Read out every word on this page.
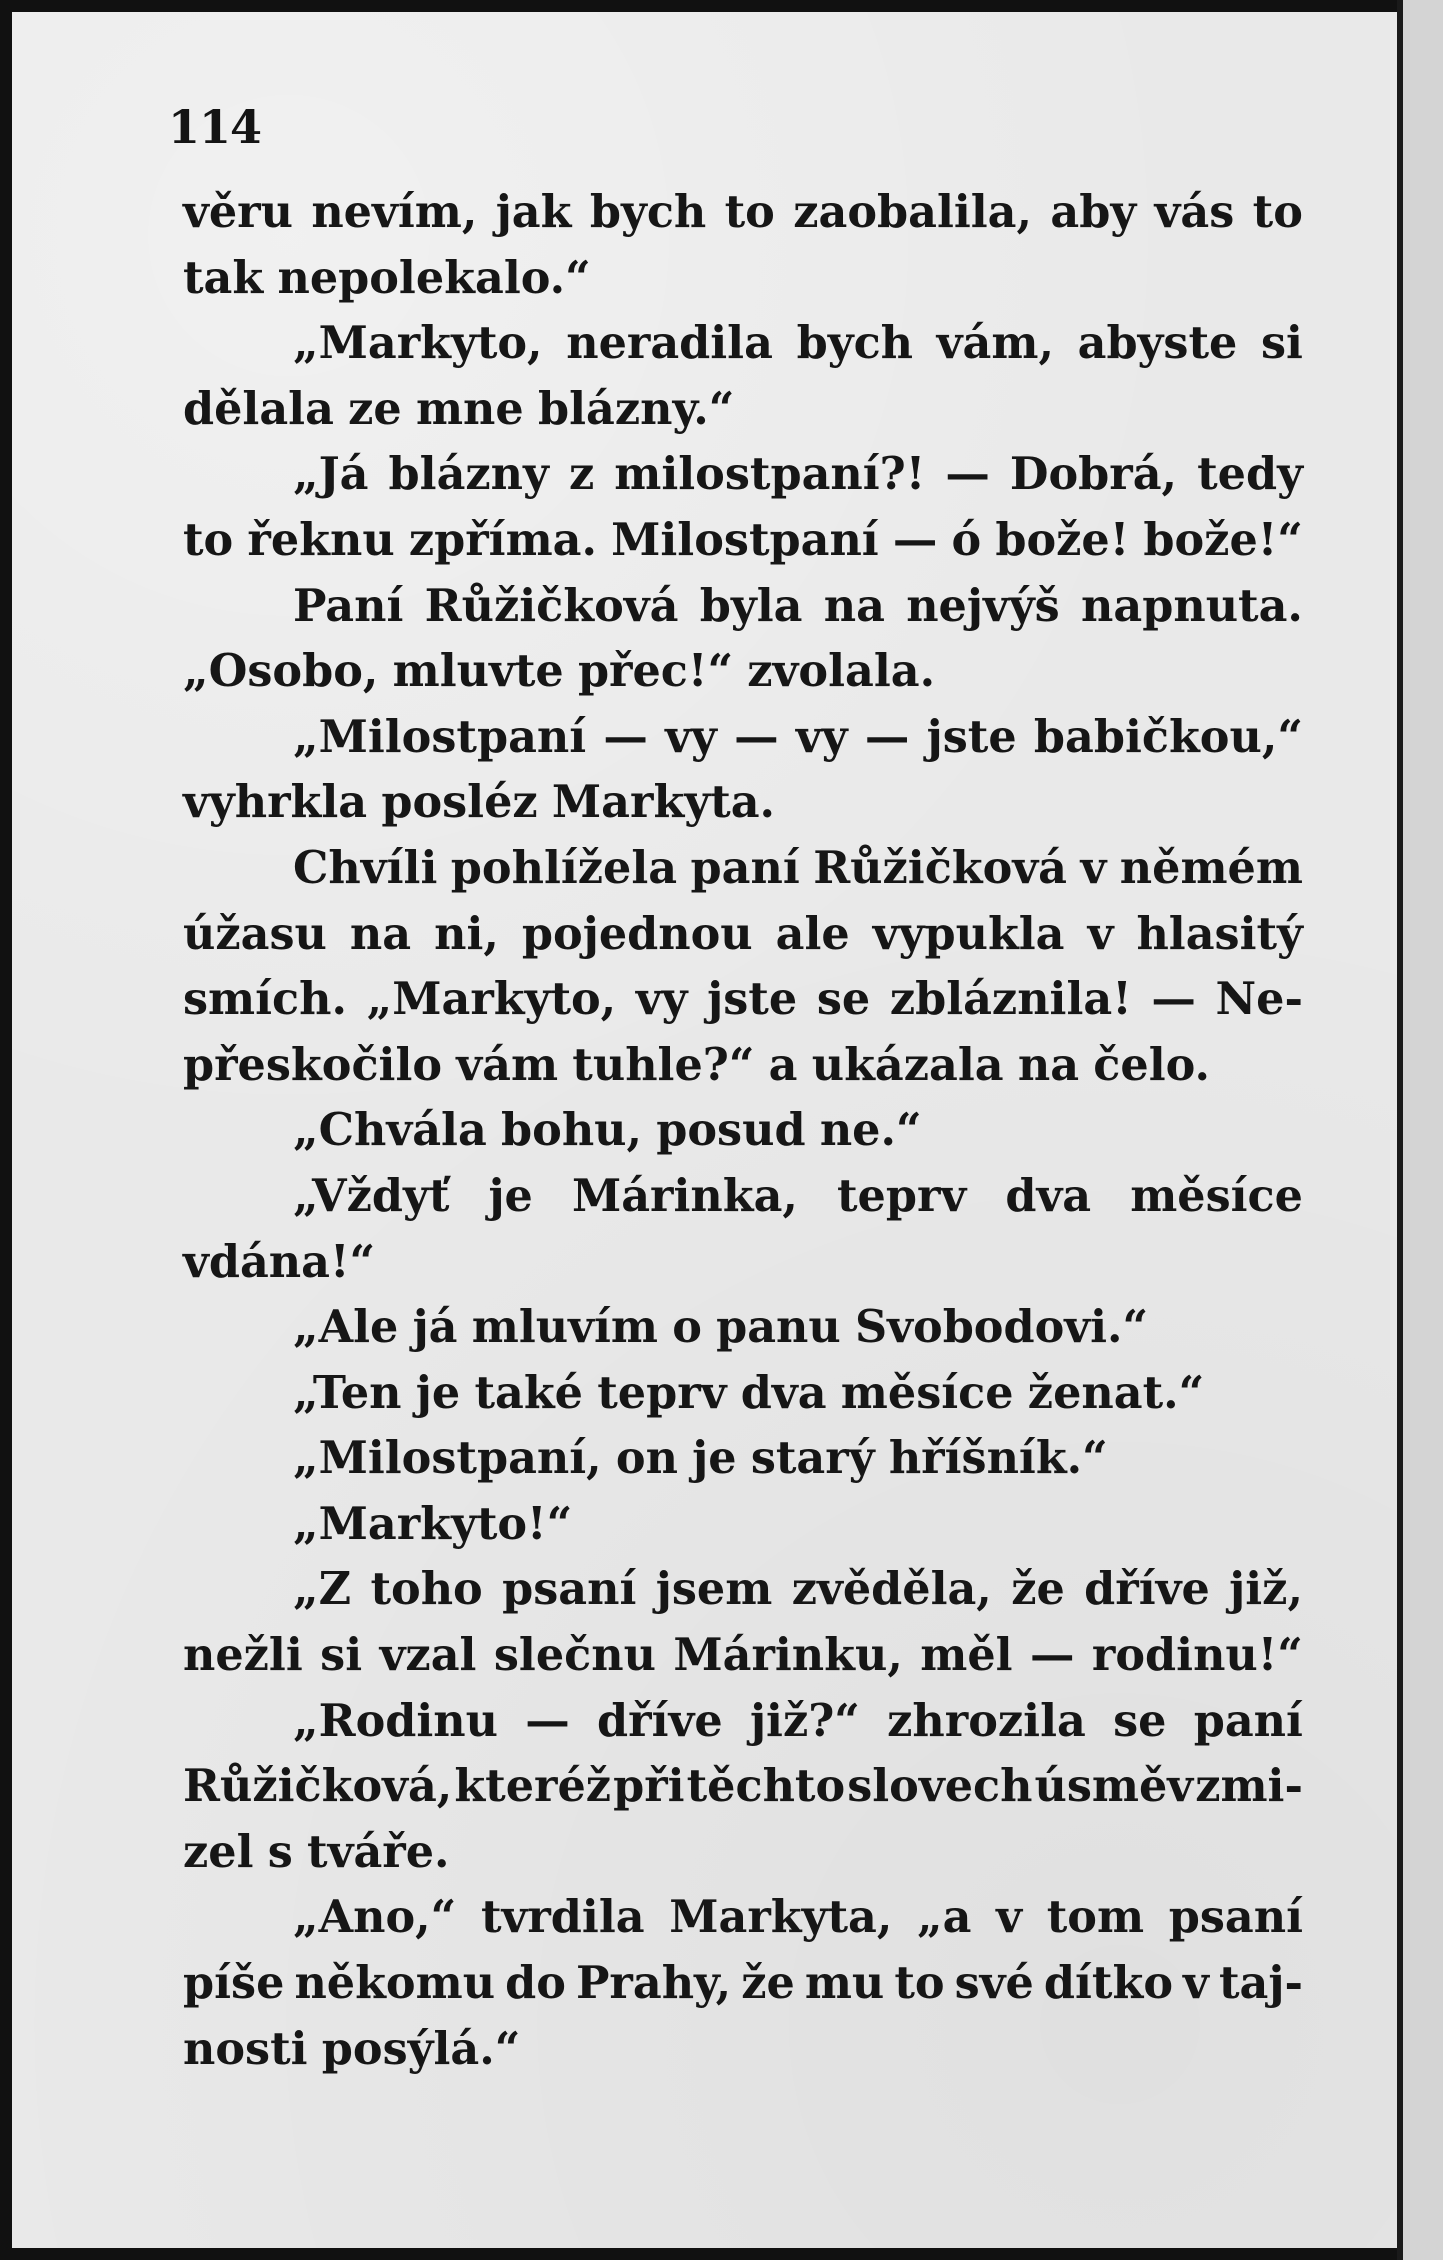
114
věru nevím, jak bych to zaobalila, aby vás to
tak nepolekalo.“
„Markyto, neradila bych vám, abyste si
dělala ze mne blázny.“
„Já blázny z milostpaní?! — Dobrá, tedy
to řeknu zpříma. Milostpaní — ó bože! bože!“
Paní Růžičková byla na nejvýš napnuta.
„Osobo, mluvte přec!“ zvolala.
„Milostpaní — vy — vy — jste babičkou,“
vyhrkla posléz Markyta.
Chvíli pohlížela paní Růžičková v němém
úžasu na ni, pojednou ale vypukla v hlasitý
smích. „Markyto, vy jste se zbláznila! — Ne-
přeskočilo vám tuhle?“ a ukázala na čelo.
„Chvála bohu, posud ne.“
„Vždyť je Márinka, teprv dva měsíce
vdána!“
„Ale já mluvím o panu Svobodovi.“
„Ten je také teprv dva měsíce ženat.“
„Milostpaní, on je starý hříšník.“
„Markyto!“
„Z toho psaní jsem zvěděla, že dříve již,
nežli si vzal slečnu Márinku, měl — rodinu!“
„Rodinu — dříve již?“ zhrozila se paní
Růžičková, kteréž při těchto slovech úsměv zmi-
zel s tváře.
„Ano,“ tvrdila Markyta, „a v tom psaní
píše někomu do Prahy, že mu to své dítko v taj-
nosti posýlá.“
